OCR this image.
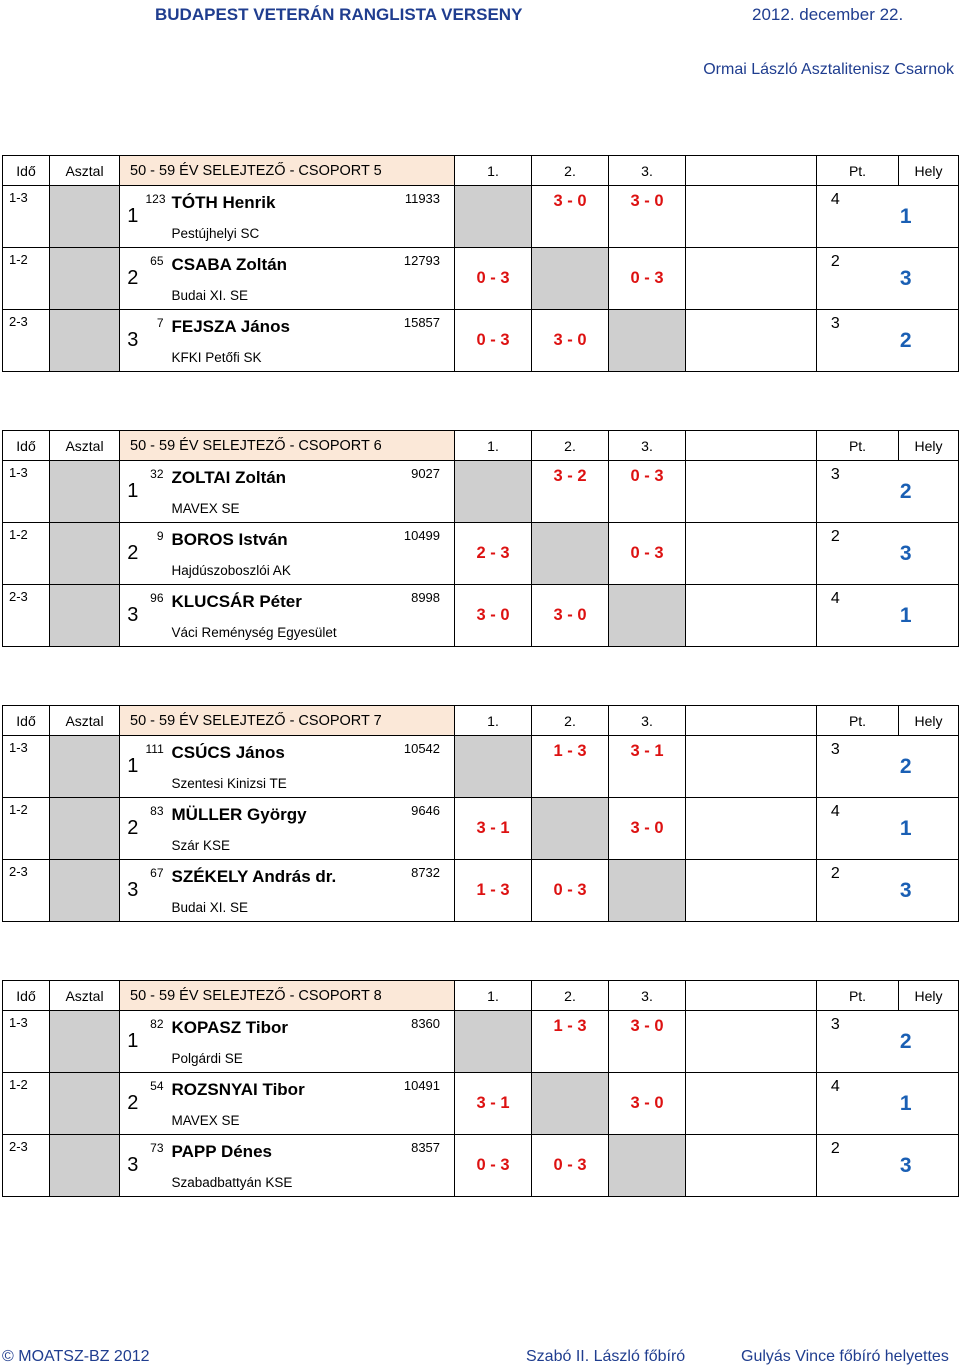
BUDAPEST VETERÁN RANGLISTA VERSENY	2012. december 22.
Ormai László Asztalitenisz Csarnok
Idő	Asztal	50 - 59 ÉV SELEJTEZŐ - CSOPORT 5				1.	2.	3.		Pt.		Hely
1-3		1	123	TÓTH Henrik	11933		3 - 0	3 - 0		4	1	
				Pestújhelyi SC								
1-2		2	65	CSABA Zoltán	12793	0 - 3		0 - 3		2	3	
				Budai XI. SE								
2-3		3	7	FEJSZA János	15857	0 - 3	3 - 0			3	2	
				KFKI Petőfi SK								
Idő	Asztal	50 - 59 ÉV SELEJTEZŐ - CSOPORT 6				1.	2.	3.		Pt.		Hely
1-3		1	32	ZOLTAI Zoltán	9027		3 - 2	0 - 3		3	2	
				MAVEX SE								
1-2		2	9	BOROS István	10499	2 - 3		0 - 3		2	3	
				Hajdúszoboszlói AK								
2-3		3	96	KLUCSÁR Péter	8998	3 - 0	3 - 0			4	1	
				Váci Reménység Egyesület								
Idő	Asztal	50 - 59 ÉV SELEJTEZŐ - CSOPORT 7				1.	2.	3.		Pt.		Hely
1-3		1	111	CSÚCS János	10542		1 - 3	3 - 1		3	2	
				Szentesi Kinizsi TE								
1-2		2	83	MÜLLER György	9646	3 - 1		3 - 0		4	1	
				Szár KSE								
2-3		3	67	SZÉKELY András dr.	8732	1 - 3	0 - 3			2	3	
				Budai XI. SE								
Idő	Asztal	50 - 59 ÉV SELEJTEZŐ - CSOPORT 8				1.	2.	3.		Pt.		Hely
1-3		1	82	KOPASZ Tibor	8360		1 - 3	3 - 0		3	2	
				Polgárdi SE								
1-2		2	54	ROZSNYAI Tibor	10491	3 - 1		3 - 0		4	1	
				MAVEX SE								
2-3		3	73	PAPP Dénes	8357	0 - 3	0 - 3			2	3	
				Szabadbattyán KSE								
© MOATSZ-BZ 2012	Szabó II. László főbíró	Gulyás Vince főbíró helyettes
